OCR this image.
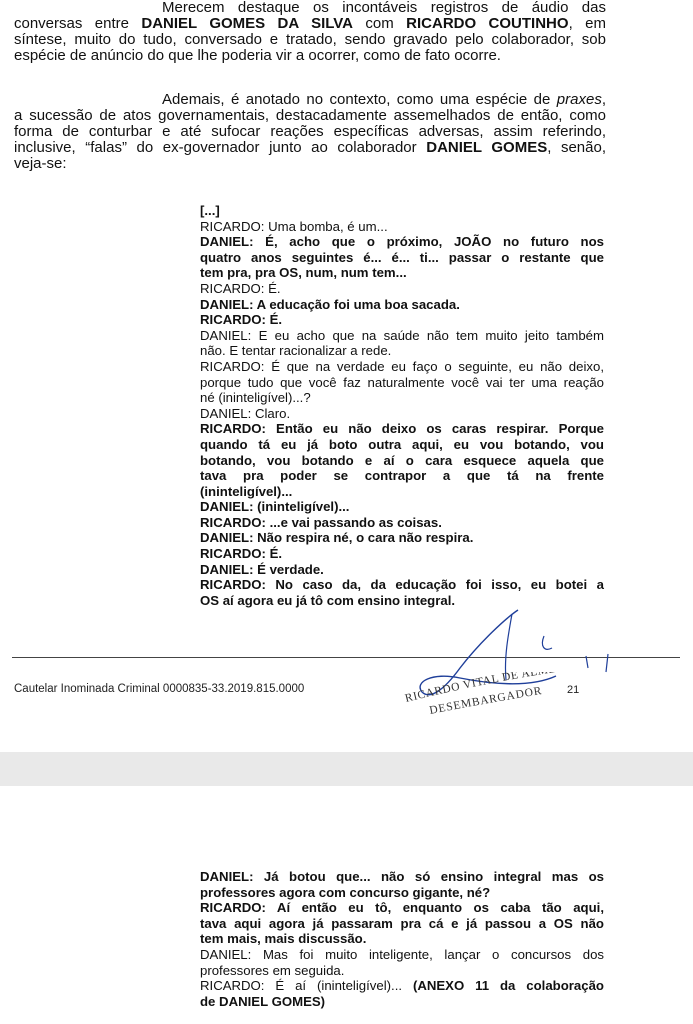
Merecem destaque os incontáveis registros de áudio das
conversas entre DANIEL GOMES DA SILVA com RICARDO COUTINHO, em
síntese, muito do tudo, conversado e tratado, sendo gravado pelo colaborador, sob
espécie de anúncio do que lhe poderia vir a ocorrer, como de fato ocorre.
Ademais, é anotado no contexto, como uma espécie de praxes,
a sucessão de atos governamentais, destacadamente assemelhados de então, como
forma de conturbar e até sufocar reações específicas adversas, assim referindo,
inclusive, “falas” do ex-governador junto ao colaborador DANIEL GOMES, senão,
veja-se:
[...]
RICARDO: Uma bomba, é um...
DANIEL: É, acho que o próximo, JOÃO no futuro nos
quatro anos seguintes é... é... ti... passar o restante que
tem pra, pra OS, num, num tem...
RICARDO: É.
DANIEL: A educação foi uma boa sacada.
RICARDO: É.
DANIEL: E eu acho que na saúde não tem muito jeito também
não. E tentar racionalizar a rede.
RICARDO: É que na verdade eu faço o seguinte, eu não deixo,
porque tudo que você faz naturalmente você vai ter uma reação
né (ininteligível)...?
DANIEL: Claro.
RICARDO: Então eu não deixo os caras respirar. Porque
quando tá eu já boto outra aqui, eu vou botando, vou
botando, vou botando e aí o cara esquece aquela que
tava pra poder se contrapor a que tá na frente
(ininteligível)...
DANIEL: (ininteligível)...
RICARDO: ...e vai passando as coisas.
DANIEL: Não respira né, o cara não respira.
RICARDO: É.
DANIEL: É verdade.
RICARDO: No caso da, da educação foi isso, eu botei a
OS aí agora eu já tô com ensino integral.
Cautelar Inominada Criminal 0000835-33.2019.815.0000	21
RICARDO VITAL DE AL
DESEMBARGADOR
DANIEL: Já botou que... não só ensino integral mas os
professores agora com concurso gigante, né?
RICARDO: Aí então eu tô, enquanto os caba tão aqui,
tava aqui agora já passaram pra cá e já passou a OS não
tem mais, mais discussão.
DANIEL: Mas foi muito inteligente, lançar o concursos dos
professores em seguida.
RICARDO: É aí (ininteligível)... (ANEXO 11 da colaboração
de DANIEL GOMES)
